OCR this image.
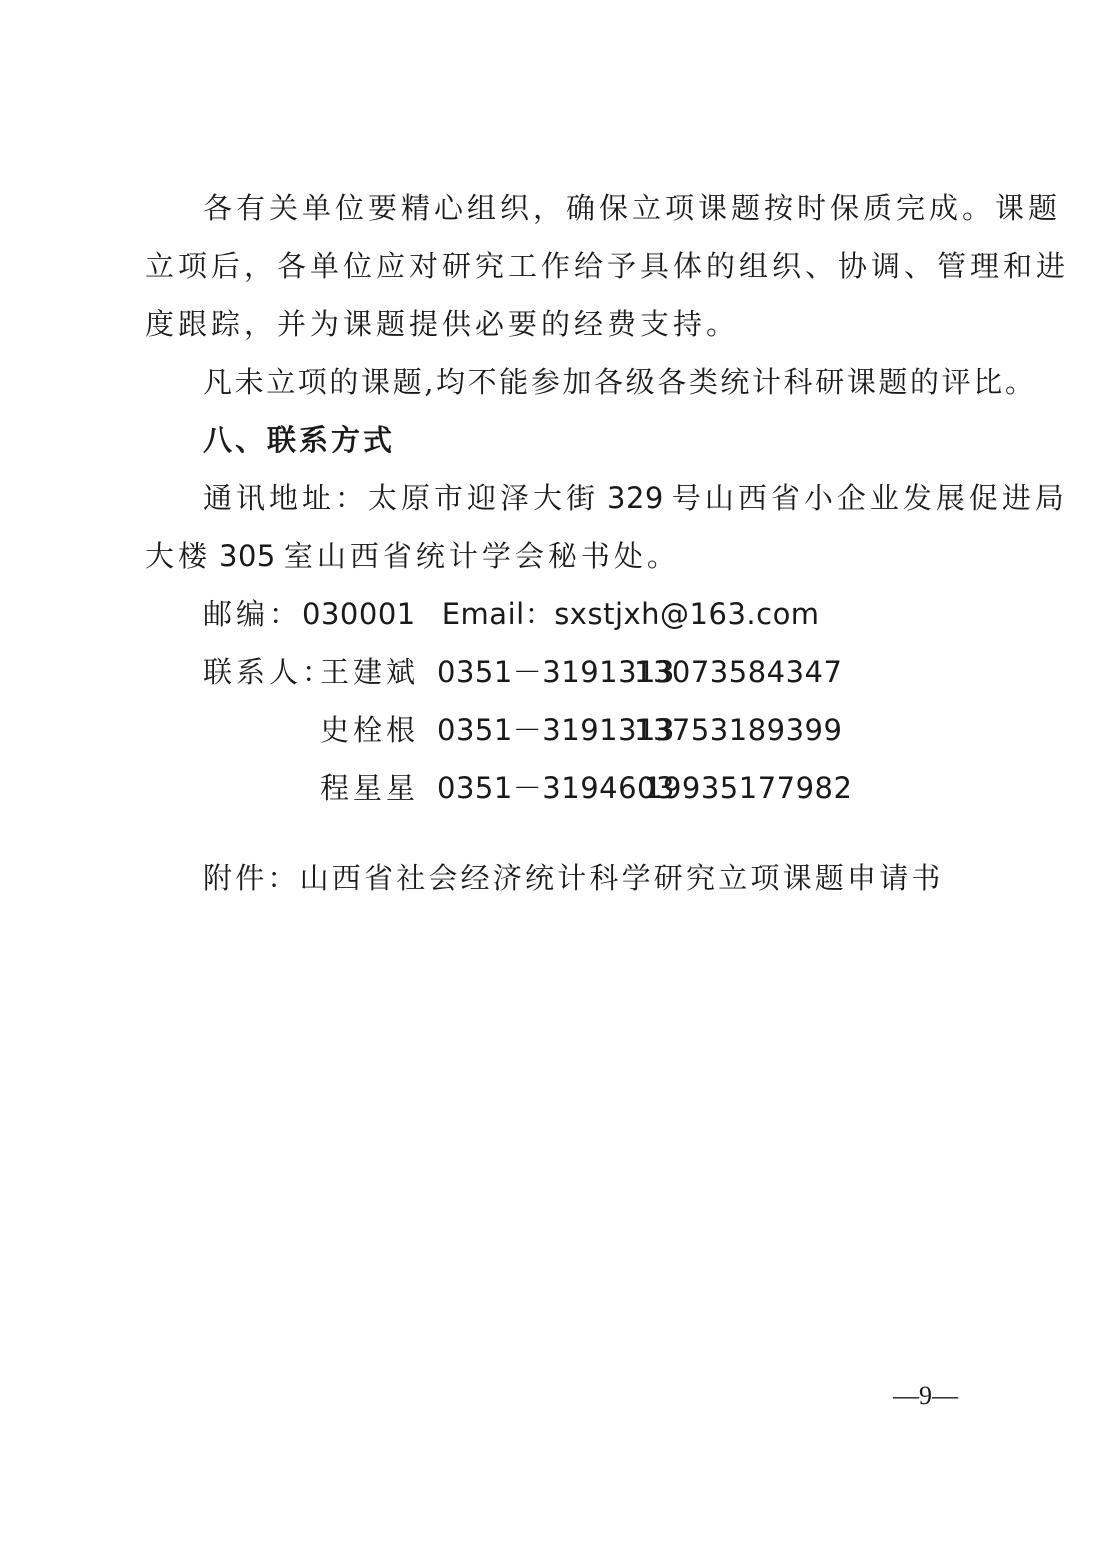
各有关单位要精心组织，确保立项课题按时保质完成。课题
立项后，各单位应对研究工作给予具体的组织、协调、管理和进
度跟踪，并为课题提供必要的经费支持。
凡未立项的课题,均不能参加各级各类统计科研课题的评比。
八、联系方式
通讯地址：太原市迎泽大街 329 号山西省小企业发展促进局
大楼 305 室山西省统计学会秘书处。
邮编：030001 Email：sxstjxh@163.com
联系人：
王建斌 0351－3191313
13073584347
史栓根 0351－3191313
13753189399
程星星 0351－3194603
19935177982
附件：山西省社会经济统计科学研究立项课题申请书
—9—
